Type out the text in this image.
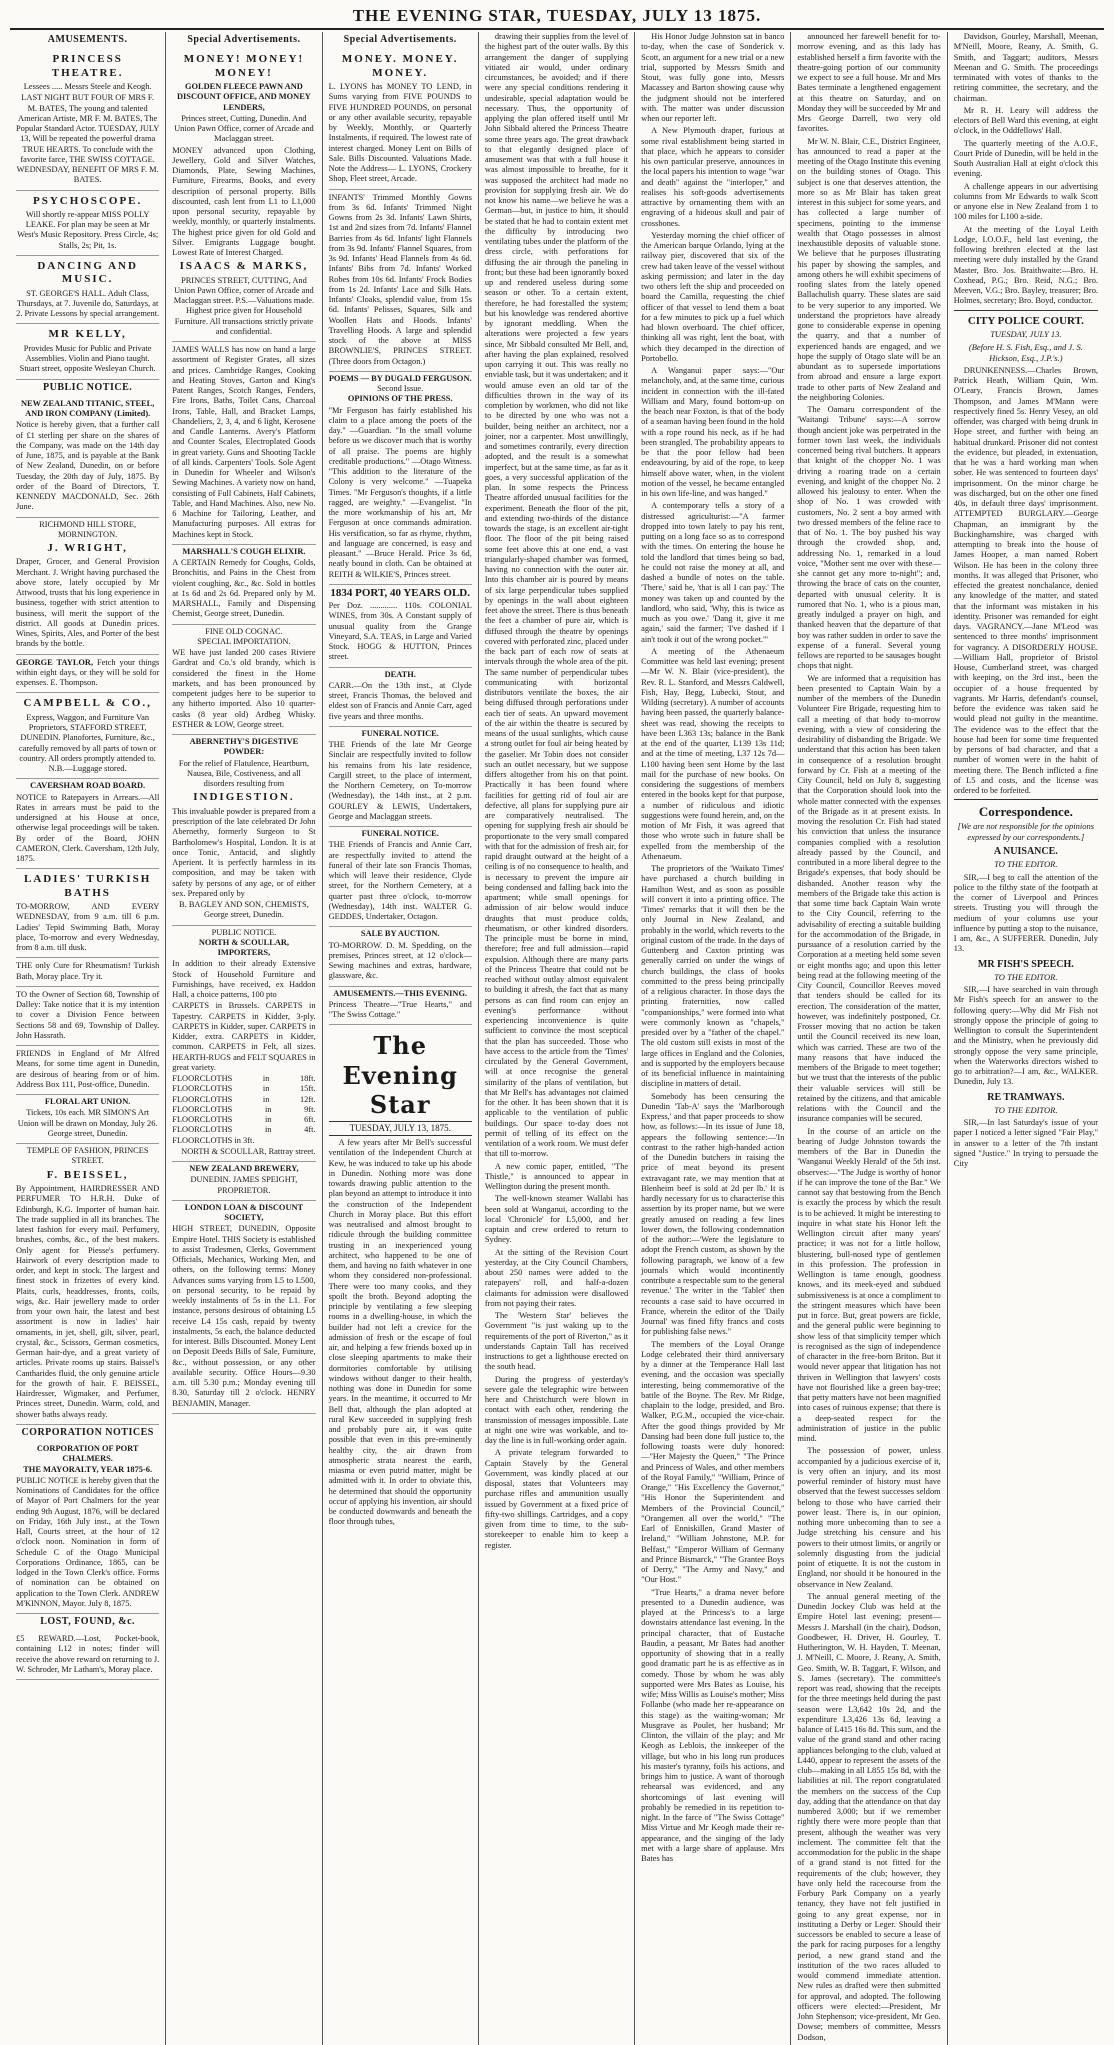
THE EVENING STAR, TUESDAY, JULY 13 1875.
AMUSEMENTS.
PRINCESS THEATRE.
Lessees ..... Messrs Steele and Keogh.

LAST NIGHT BUT FOUR OF MRS F. M. BATES, The young and talented American Artiste, MR F. M. BATES, The Popular Standard Actor. TUESDAY, JULY 13, Will be repeated the powerful drama TRUE HEARTS. To conclude with the favorite farce, THE SWISS COTTAGE. WEDNESDAY, BENEFIT OF MRS F. M. BATES.

PSYCHOSCOPE.

Will shortly re-appear MISS POLLY LEAKE. For plan may be seen at Mr West's Music Repository. Press Circle, 4s; Stalls, 2s; Pit, 1s.

DANCING AND MUSIC.

ST. GEORGE'S HALL. Adult Class, Thursdays, at 7. Juvenile do, Saturdays, at 2. Private Lessons by special arrangement.

MR KELLY,

Provides Music for Public and Private Assemblies. Violin and Piano taught. Stuart street, opposite Wesleyan Church.

PUBLIC NOTICE.
NEW ZEALAND TITANIC, STEEL, AND IRON COMPANY (Limited).

Notice is hereby given, that a further call of £1 sterling per share on the shares of the Company, was made on the 14th day of June, 1875, and is payable at the Bank of New Zealand, Dunedin, on or before Tuesday, the 20th day of July, 1875. By order of the Board of Directors, T. KENNEDY MACDONALD, Sec. 26th June.

RICHMOND HILL STORE, MORNINGTON.
J. WRIGHT,

Draper, Grocer, and General Provision Merchant. J. Wright having purchased the above store, lately occupied by Mr Attwood, trusts that his long experience in business, together with strict attention to business, will merit the support of the district. All goods at Dunedin prices. Wines, Spirits, Ales, and Porter of the best brands by the bottle.

GEORGE TAYLOR, Fetch your things within eight days, or they will be sold for expenses. E. Thompson.

CAMPBELL & CO.,

Express, Waggon, and Furniture Van Proprietors, STAFFORD STREET, DUNEDIN. Planofortes, Furniture, &c., carefully removed by all parts of town or country. All orders promptly attended to. N.B.—Luggage stored.

CAVERSHAM ROAD BOARD.

NOTICE to Ratepayers in Arrears.—All Rates in arrears must be paid to the undersigned at his House at once, otherwise legal proceedings will be taken. By order of the Board, JOHN CAMERON, Clerk. Caversham, 12th July, 1875.

LADIES' TURKISH BATHS

TO-MORROW, AND EVERY WEDNESDAY, from 9 a.m. till 6 p.m. Ladies' Tepid Swimming Bath, Moray place, To-morrow and every Wednesday, from 8 a.m. till dusk.

THE only Cure for Rheumatism! Turkish Bath, Moray place. Try it.

TO the Owner of Section 68, Township of Dalley: Take notice that it is my intention to cover a Division Fence between Sections 58 and 69, Township of Dalley. John Hassrath.

FRIENDS in England of Mr Alfred Means, for some time agent in Dunedin, are desirous of hearing from or of him. Address Box 111, Post-office, Dunedin.

FLORAL ART UNION.

Tickets, 10s each. MR SIMON'S Art Union will be drawn on Monday, July 26. George street, Dunedin.

TEMPLE OF FASHION, PRINCES STREET.
F. BEISSEL,

By Appointment, HAIRDRESSER AND PERFUMER TO H.R.H. Duke of Edinburgh, K.G. Importer of human hair. The trade supplied in all its branches. The latest fashion for every mail. Perfumery, brushes, combs, &c., of the best makers. Only agent for Piesse's perfumery. Hairwork of every description made to order, and kept in stock. The largest and finest stock in frizettes of every kind. Plaits, curls, headdresses, fronts, coils, wigs, &c. Hair jewellery made to order from your own hair, the latest and best assortment is now in ladies' hair ornaments, in jet, shell, gilt, silver, pearl, crystal, &c., Scissors, German cosmetics, German hair-dye, and a great variety of articles. Private rooms up stairs. Baissel's Cantharides fluid, the only genuine article for the growth of hair. F. BEISSEL, Hairdresser, Wigmaker, and Perfumer, Princes street, Dunedin. Warm, cold, and shower baths always ready.

CORPORATION NOTICES
CORPORATION OF PORT CHALMERS.
THE MAYORALTY, YEAR 1875-6.

PUBLIC NOTICE is hereby given that the Nominations of Candidates for the office of Mayor of Port Chalmers for the year ending 9th August, 1876, will be declared on Friday, 16th July inst., at the Town Hall, Courts street, at the hour of 12 o'clock noon. Nomination in form of Schedule C of the Otago Municipal Corporations Ordinance, 1865, can be lodged in the Town Clerk's office. Forms of nomination can be obtained on application to the Town Clerk. ANDREW M'KINNON, Mayor. July 8, 1875.

LOST, FOUND, &c.

£5 REWARD.—Lost, Pocket-book, containing L12 in notes; finder will receive the above reward on returning to J. W. Schroder, Mr Latham's, Moray place.

Special Advertisements.
MONEY! MONEY! MONEY!
GOLDEN FLEECE PAWN AND DISCOUNT OFFICE, AND MONEY LENDERS,

Princes street, Cutting, Dunedin. And Union Pawn Office, corner of Arcade and Maclaggan street.

MONEY advanced upon Clothing, Jewellery, Gold and Silver Watches, Diamonds, Plate, Sewing Machines, Furniture, Firearms, Books, and every description of personal property. Bills discounted, cash lent from L1 to L1,000 upon personal security, repayable by weekly, monthly, or quarterly instalments. The highest price given for old Gold and Silver. Emigrants Luggage bought. Lowest Rate of Interest Charged.

ISAACS & MARKS,

PRINCES STREET, CUTTING, And Union Pawn Office, corner of Arcade and Maclaggan street. P.S.—Valuations made. Highest price given for Household Furniture. All transactions strictly private and confidential.

JAMES WALLS has now on hand a large assortment of Register Grates, all sizes and prices. Cambridge Ranges, Cooking and Heating Stoves, Garton and King's Patent Ranges, Scotch Ranges, Fenders, Fire Irons, Baths, Toilet Cans, Charcoal Irons, Table, Hall, and Bracket Lamps, Chandeliers, 2, 3, 4, and 6 light, Kerosene and Candle Lanterns. Avery's Platform and Counter Scales, Electroplated Goods in great variety. Guns and Shooting Tackle of all kinds. Carpenters' Tools. Sole Agent in Dunedin for Wheeler and Wilson's Sewing Machines. A variety now on hand, consisting of Full Cabinets, Half Cabinets, Table, and Hand Machines. Also, new No. 6 Machine for Tailoring, Leather, and Manufacturing purposes. All extras for Machines kept in Stock.

MARSHALL'S COUGH ELIXIR.

A CERTAIN Remedy for Coughs, Colds, Bronchitis, and Pains in the Chest from violent coughing, &c., &c. Sold in bottles at 1s 6d and 2s 6d. Prepared only by M. MARSHALL, Family and Dispensing Chemist, George street, Dunedin.

FINE OLD COGNAC.
SPECIAL IMPORTATION.

WE have just landed 200 cases Riviere Gardrat and Co.'s old brandy, which is considered the finest in the Home markets, and has been pronounced by competent judges here to be superior to any hitherto imported. Also 10 quarter-casks (8 year old) Ardbeg Whisky. ESTHER & LOW, George street.

ABERNETHY'S DIGESTIVE POWDER:

For the relief of Flatulence, Heartburn, Nausea, Bile, Costiveness, and all disorders resulting from

INDIGESTION.

This invaluable powder is prepared from a prescription of the late celebrated Dr John Abernethy, formerly Surgeon to St Bartholomew's Hospital, London. It is at once Tonic, Antacid, and slightly Aperient. It is perfectly harmless in its composition, and may be taken with safety by persons of any age, or of either sex. Prepared only by

B. BAGLEY AND SON, CHEMISTS, George street, Dunedin.

PUBLIC NOTICE.
NORTH & SCOULLAR, IMPORTERS,

In addition to their already Extensive Stock of Household Furniture and Furnishings, have received, ex Haddon Hall, a choice patterns, 100 pto

CARPETS in Brussels. CARPETS in Tapestry. CARPETS in Kidder, 3-ply. CARPETS in Kidder, super. CARPETS in Kidder, extra. CARPETS in Kidder, common. CARPETS in Felt, all sizes. HEARTH-RUGS and FELT SQUARES in great variety.

FLOORCLOTHS in 18ft. FLOORCLOTHS in 15ft. FLOORCLOTHS in 12ft. FLOORCLOTHS in 9ft. FLOORCLOTHS in 6ft. FLOORCLOTHS in 4ft. FLOORCLOTHS in 3ft.

NORTH & SCOULLAR, Rattray street.

NEW ZEALAND BREWERY,

DUNEDIN. JAMES SPEIGHT, PROPRIETOR.

LONDON LOAN & DISCOUNT SOCIETY,

HIGH STREET, DUNEDIN, Opposite Empire Hotel. THIS Society is established to assist Tradesmen, Clerks, Government Officials, Mechanics, Working Men, and others, on the following terms: Money Advances sums varying from L5 to L500, on personal security, to be repaid by weekly instalments of 5s in the L1. For instance, persons desirous of obtaining L5 receive L4 15s cash, repaid by twenty instalments, 5s each, the balance deducted for interest. Bills Discounted. Money Lent on Deposit Deeds Bills of Sale, Furniture, &c., without possession, or any other available security. Office Hours—9.30 a.m. till 5.30 p.m.; Monday evening till 8.30, Saturday till 2 o'clock. HENRY BENJAMIN, Manager.

Special Advertisements.
MONEY. MONEY. MONEY.

L. LYONS has MONEY TO LEND, in Sums varying from FIVE POUNDS to FIVE HUNDRED POUNDS, on personal or any other available security, repayable by Weekly, Monthly, or Quarterly Instalments, if required. The lowest rate of interest charged. Money Lent on Bills of Sale. Bills Discounted. Valuations Made. Note the Address— L. LYONS, Crockery Shop, Fleet street, Arcade.

INFANTS' Trimmed Monthly Gowns from 3s 6d. Infants' Trimmed Night Gowns from 2s 3d. Infants' Lawn Shirts, 1st and 2nd sizes from 7d. Infants' Flannel Barries from 4s 6d. Infants' light Flannels from 3s 9d. Infants' Flannel Squares, from 3s 9d. Infants' Head Flannels from 4s 6d. Infants' Bibs from 7d. Infants' Worked Robes from 10s 6d. Infants' Frock Bodies from 1s 2d. Infants' Lace and Silk Hats. Infants' Cloaks, splendid value, from 15s 6d. Infants' Pelisses, Squares, Silk and Woollen Hats and Hoods. Infants' Travelling Hoods. A large and splendid stock of the above at MISS BROWNLIE'S, PRINCES STREET. (Three doors from Octagon.)

POEMS — BY DUGALD FERGUSON.
Second Issue.
OPINIONS OF THE PRESS.

"Mr Ferguson has fairly established his claim to a place among the poets of the day." —Guardian. "In the small volume before us we discover much that is worthy of all praise. The poems are highly creditable productions." —Otago Witness. "This addition to the literature of the Colony is very welcome." —Tuapeka Times. "Mr Ferguson's thoughts, if a little ragged, are weighty." —Evangelist. "In the more workmanship of his art, Mr Ferguson at once commands admiration. His versification, so far as rhyme, rhythm, and language are concerned, is easy and pleasant." —Bruce Herald. Price 3s 6d, neatly bound in cloth. Can be obtained at REITH & WILKIE'S, Princes street.

1834 PORT, 40 YEARS OLD.

Per Doz. ............. 110s. COLONIAL WINES, from 30s. A Constant supply of unusual quality from the Grange Vineyard, S.A. TEAS, in Large and Varied Stock. HOGG & HUTTON, Princes street.

DEATH.

CARR.—On the 13th inst., at Clyde street, Francis Thomas, the beloved and eldest son of Francis and Annie Carr, aged five years and three months.

FUNERAL NOTICE.

THE Friends of the late Mr George Sinclair are respectfully invited to follow his remains from his late residence, Cargill street, to the place of interment, the Northern Cemetery, on To-morrow (Wednesday), the 14th inst., at 2 p.m. GOURLEY & LEWIS, Undertakers, George and Maclaggan streets.

FUNERAL NOTICE.

THE Friends of Francis and Annie Carr, are respectfully invited to attend the funeral of their late son Francis Thomas, which will leave their residence, Clyde street, for the Northern Cemetery, at a quarter past three o'clock, to-morrow (Wednesday), 14th inst. WALTER G. GEDDES, Undertaker, Octagon.

SALE BY AUCTION.

TO-MORROW. D. M. Spedding, on the premises, Princes street, at 12 o'clock—Sewing machines and extras, hardware, glassware, &c.

AMUSEMENTS.—THIS EVENING.

Princess Theatre—"True Hearts," and "The Swiss Cottage."

The Evening Star
TUESDAY, JULY 13, 1875.

A few years after Mr Bell's successful ventilation of the Independent Church at Kew, he was induced to take up his abode in Dunedin. Nothing more was done towards drawing public attention to the plan beyond an attempt to introduce it into the construction of the Independent Church in Moray place. But this effort was neutralised and almost brought to ridicule through the building committee trusting in an inexperienced young architect, who happened to be one of them, and having no faith whatever in one whom they considered non-professional. There were too many cooks, and they spoilt the broth. Beyond adopting the principle by ventilating a few sleeping rooms in a dwelling-house, in which the builder had not left a crevice for the admission of fresh or the escape of foul air, and helping a few friends boxed up in close sleeping apartments to make their dormitories comfortable by utilising windows without danger to their health, nothing was done in Dunedin for some years. In the meantime, it occurred to Mr Bell that, although the plan adopted at rural Kew succeeded in supplying fresh and probably pure air, it was quite possible that even in this pre-eminently healthy city, the air drawn from atmospheric strata nearest the earth, miasma or even putrid matter, might be admitted with it. In order to obviate this, he determined that should the opportunity occur of applying his invention, air should be conducted downwards and beneath the floor through tubes,

drawing their supplies from the level of the highest part of the outer walls. By this arrangement the danger of supplying vitiated air would, under ordinary circumstances, be avoided; and if there were any special conditions rendering it undesirable, special adaptation would be necessary. Thus, the opportunity of applying the plan offered itself until Mr John Sibbald altered the Princess Theatre some three years ago. The great drawback to that elegantly designed place of amusement was that with a full house it was almost impossible to breathe, for it was supposed the architect had made no provision for supplying fresh air. We do not know his name—we believe he was a German—but, in justice to him, it should be stated that he had to contain extent met the difficulty by introducing two ventilating tubes under the platform of the dress circle, with perforations for diffusing the air through the paneling in front; but these had been ignorantly boxed up and rendered useless during some season or other. To a certain extent, therefore, he had forestalled the system; but his knowledge was rendered abortive by ignorant meddling. When the alterations were projected a few years since, Mr Sibbald consulted Mr Bell, and, after having the plan explained, resolved upon carrying it out. This was really no enviable task, but it was undertaken; and it would amuse even an old tar of the difficulties thrown in the way of its completion by workmen, who did not like to be directed by one who was not a builder, being neither an architect, nor a joiner, nor a carpenter. Most unwillingly, and sometimes contrarily, every direction adopted, and the result is a somewhat imperfect, but at the same time, as far as it goes, a very successful application of the plan. In some respects the Princess Theatre afforded unusual facilities for the experiment. Beneath the floor of the pit, and extending two-thirds of the distance towards the stage, is an excellent air-tight floor. The floor of the pit being raised some feet above this at one end, a vast triangularly-shaped chamber was formed, having no connection with the outer air. Into this chamber air is poured by means of six large perpendicular tubes supplied by openings in the wall about eighteen feet above the street. There is thus beneath the feet a chamber of pure air, which is diffused through the theatre by openings covered with perforated zinc, placed under the back part of each row of seats at intervals through the whole area of the pit. The same number of perpendicular tubes communicating with horizontal distributors ventilate the boxes, the air being diffused through perforations under each tier of seats. An upward movement of the air within the theatre is secured by means of the usual sunlights, which cause a strong outlet for foul air being heated by the gaselier. Mr Tobin does not consider such an outlet necessary, but we suppose differs altogether from his on that point. Practically it has been found where facilities for getting rid of foul air are defective, all plans for supplying pure air are comparatively neutralised. The opening for supplying fresh air should be proportionate to the very small compared with that for the admission of fresh air, for rapid draught outward at the height of a ceiling is of no consequence to health, and is necessary to prevent the impure air being condensed and falling back into the apartment; while small openings for admission of air below would induce draughts that must produce colds, rheumatism, or other kindred disorders. The principle must be borne in mind, therefore; free and full admission—rapid expulsion. Although there are many parts of the Princess Theatre that could not be reached without outlay almost equivalent to building it afresh, the fact that as many persons as can find room can enjoy an evening's performance without experiencing inconvenience is quite sufficient to convince the most sceptical that the plan has succeeded. Those who have access to the article from the 'Times' circulated by the General Government, will at once recognise the general similarity of the plans of ventilation, but that Mr Bell's has advantages not claimed for the other. It has been shown that it is applicable to the ventilation of public buildings. Our space to-day does not permit of telling of its effect on the ventilation of a work room. We must defer that till to-morrow.

A new comic paper, entitled, "The Thistle," is announced to appear in Wellington during the present month.

The well-known steamer Wallabi has been sold at Wanganui, according to the local 'Chronicle' for L5,000, and her captain and crew ordered to return to Sydney.

At the sitting of the Revision Court yesterday, at the City Council Chambers, about 250 names were added to the ratepayers' roll, and half-a-dozen claimants for admission were disallowed from not paying their rates.

The 'Western Star' believes the Government "is just waking up to the requirements of the port of Riverton," as it understands Captain Tall has received instructions to get a lighthouse erected on the south head.

During the progress of yesterday's severe gale the telegraphic wire between here and Christchurch were blown in contact with each other, rendering the transmission of messages impossible. Late at night one wire was workable, and to-day the line is in full-working order again.

A private telegram forwarded to Captain Stavely by the General Government, was kindly placed at our disposal, states that Volunteers may purchase rifles and ammunition usually issued by Government at a fixed price of fifty-two shillings. Cartridges, and a copy given from time to time, to the sub-storekeeper to enable him to keep a register.

His Honor Judge Johnston sat in banco to-day, when the case of Sonderick v. Scott, an argument for a new trial or a new trial, supported by Messrs Smith and Stout, was fully gone into, Messrs Macassey and Barton showing cause why the judgment should not be interfered with. The matter was under discussion when our reporter left.

A New Plymouth draper, furious at some rival establishment being started in that place, which he appears to consider his own particular preserve, announces in the local papers his intention to wage "war and death" against the "interloper," and realises his soft-goods advertisements attractive by ornamenting them with an engraving of a hideous skull and pair of crossbones.

Yesterday morning the chief officer of the American barque Orlando, lying at the railway pier, discovered that six of the crew had taken leave of the vessel without asking permission; and later in the day two others left the ship and proceeded on board the Camilla, requesting the chief officer of that vessel to lend them a boat for a few minutes to pick up a fuel which had blown overboard. The chief officer, thinking all was right, lent the boat, with which they decamped in the direction of Portobello.

A Wanganui paper says:—"Our melancholy, and, at the same time, curious incident in connection with the ill-fated William and Mary, found bottom-up on the beach near Foxton, is that of the body of a seaman having been found in the hold with a rope round his neck, as if he had been strangled. The probability appears to be that the poor fellow had been endeavouring, by aid of the rope, to keep himself above water, when, in the violent motion of the vessel, he became entangled in his own life-line, and was hanged."

A contemporary tells a story of a distressed agriculturist:—"A farmer dropped into town lately to pay his rent, putting on a long face so as to correspond with the times. On entering the house he told the landlord that times being so bad, he could not raise the money at all, and dashed a bundle of notes on the table. 'There,' said he, 'that is all I can pay.' The money was taken up and counted by the landlord, who said, 'Why, this is twice as much as you owe.' 'Dang it, give it me again,' said the farmer; 'I've dashed if I ain't took it out of the wrong pocket.'"

A meeting of the Athenaeum Committee was held last evening; present—Mr W. N. Blair (vice-president), the Rev. R. L. Stanford, and Messrs Caldwell, Fish, Hay, Begg, Lubecki, Stout, and Wilding (secretary). A number of accounts having been passed, the quarterly balance-sheet was read, showing the receipts to have been L363 13s; balance in the Bank at the end of the quarter, L139 13s 11d; and at the time of meeting, L37 12s 7d—L100 having been sent Home by the last mail for the purchase of new books. On considering the suggestions of members entered in the books kept for that purpose, a number of ridiculous and idiotic suggestions were found herein, and, on the motion of Mr Fish, it was agreed that those who wrote such in future shall be expelled from the membership of the Athenaeum.

The proprietors of the 'Waikato Times' have purchased a church building in Hamilton West, and as soon as possible will convert it into a printing office. The 'Times' remarks that it will then be the only Journal in New Zealand, and probably in the world, which reverts to the original custom of the trade. In the days of Guttenberg and Caxton printing was generally carried on under the wings of church buildings, the class of books committed to the press being principally of a religious character. In those days the printing fraternities, now called "companionships," were formed into what were commonly known as "chapels," presided over by a "father of the chapel." The old custom still exists in most of the large offices in England and the Colonies, and is supported by the employers because of its beneficial influence in maintaining discipline in matters of detail.

Somebody has been censuring the Dunedin 'Tab-A' says the 'Marlborough Express,' and that paper proceeds to show how, as follows:—In its issue of June 18, appears the following sentence:—'In contrast to the rather high-handed action of the Dunedin butchers in raising the price of meat beyond its present extravagant rate, we may mention that at Blenheim beef is sold at 2d per lb.' It is hardly necessary for us to characterise this assertion by its proper name, but we were greatly amused on reading a few lines lower down, the following condemnation of the author:—'Were the legislature to adopt the French custom, as shown by the following paragraph, we know of a few journals which would incontinently contribute a respectable sum to the general revenue.' The writer in the 'Tablet' then recounts a case said to have occurred in France, wherein the editor of the 'Daily Journal' was fined fifty francs and costs for publishing false news."

The members of the Loyal Orange Lodge celebrated their third anniversary by a dinner at the Temperance Hall last evening, and the occasion was specially interesting, being commemorative of the battle of the Boyne. The Rev. Mr Ridge, chaplain to the lodge, presided, and Bro. Walker, P.G.M., occupied the vice-chair. After the good things provided by Mr Dansing had been done full justice to, the following toasts were duly honored:—"Her Majesty the Queen," "The Prince and Princess of Wales, and other members of the Royal Family," "William, Prince of Orange," "His Excellency the Governor," "His Honor the Superintendent and Members of the Provincial Council," "Orangemen all over the world," "The Earl of Enniskillen, Grand Master of Ireland," "William Johnstone, M.P. for Belfast," "Emperor William of Germany and Prince Bismarck," "The Grantee Boys of Derry," "The Army and Navy," and "Our Host."

"True Hearts," a drama never before presented to a Dunedin audience, was played at the Princess's to a large downstairs attendance last evening. In the principal character, that of Eustache Baudin, a peasant, Mr Bates had another opportunity of showing that in a really good dramatic part he is as effective as in comedy. Those by whom he was ably supported were Mrs Bates as Louise, his wife; Miss Willis as Louise's mother; Miss Follanbe (who made her re-appearance on this stage) as the waiting-woman; Mr Musgrave as Poulet, her husband; Mr Clinton, the villain of the play; and Mr Keogh as Leblois, the innkeeper of the village, but who in his long run produces his master's tyranny, foils his actions, and brings him to justice. A want of thorough rehearsal was evidenced, and any shortcomings of last evening will probably be remedied in its repetition to-night. In the farce of "The Swiss Cottage" Miss Virtue and Mr Keogh made their re-appearance, and the singing of the lady met with a large share of applause. Mrs Bates has

announced her farewell benefit for to-morrow evening, and as this lady has established herself a firm favorite with the theatre-going portion of our community we expect to see a full house. Mr and Mrs Bates terminate a lengthened engagement at this theatre on Saturday, and on Monday they will be succeeded by Mr and Mrs George Darrell, two very old favorites.

Mr W. N. Blair, C.E., District Engineer, has announced to read a paper at the meeting of the Otago Institute this evening on the building stones of Otago. This subject is one that deserves attention, the more so as Mr Blair has taken great interest in this subject for some years, and has collected a large number of specimens, pointing to the immense wealth that Otago possesses in almost inexhaustible deposits of valuable stone. We believe that he purposes illustrating his paper by showing the samples, and among others he will exhibit specimens of roofing slates from the lately opened Ballachulish quarry. These slates are said to be very superior to any imported. We understand the proprietors have already gone to considerable expense in opening the quarry, and that a number of experienced hands are engaged, and we hope the supply of Otago slate will be an abundant as to supersede importations from abroad and ensure a large export trade to other parts of New Zealand and the neighboring Colonies.

The Oamaru correspondent of the 'Waitangi Tribune' says:—A sorrow though ancient joke was perpetrated in the former town last week, the individuals concerned being rival butchers. It appears that knight of the chopper No. 1 was driving a roaring trade on a certain evening, and knight of the chopper No. 2 allowed his jealousy to enter. When the shop of No. 1 was crowded with customers, No. 2 sent a boy armed with two dressed members of the feline race to that of No. 1. The boy pushed his way through the crowded shop, and, addressing No. 1, remarked in a loud voice, "Mother sent me over with these—she cannot get any more to-night"; and, throwing the brace of cats on the counter, departed with unusual celerity. It is rumored that No. 1, who is a pious man, greatly indulged a prayer on high, and thanked heaven that the departure of that boy was rather sudden in order to save the expense of a funeral. Several young fellows are reported to be sausages bought chops that night.

We are informed that a requisition has been presented to Captain Wain by a number of the members of the Dunedin Volunteer Fire Brigade, requesting him to call a meeting of that body to-morrow evening, with a view of considering the desirability of disbanding the Brigade. We understand that this action has been taken in consequence of a resolution brought forward by Cr. Fish at a meeting of the City Council, held on July 8, suggesting that the Corporation should look into the whole matter connected with the expenses of the Brigade as it at present exists. In moving the resolution Cr. Fish had stated his conviction that unless the insurance companies complied with a resolution already passed by the Council, and contributed in a more liberal degree to the Brigade's expenses, that body should be disbanded. Another reason why the members of the Brigade take this action is that some time back Captain Wain wrote to the City Council, referring to the advisability of erecting a suitable building for the accommodation of the Brigade, in pursuance of a resolution carried by the Corporation at a meeting held some seven or eight months ago; and upon this letter being read at the following meeting of the City Council, Councillor Reeves moved that tenders should be called for its erection. The consideration of the matter, however, was indefinitely postponed, Cr. Frosser moving that no action be taken until the Council received its new loan, which was carried. These are two of the many reasons that have induced the members of the Brigade to meet together; but we trust that the interests of the public their valuable services will still be retained by the citizens, and that amicable relations with the Council and the insurance companies will be secured.

In the course of an article on the bearing of Judge Johnston towards the members of the Bar in Dunedin the 'Wanganui Weekly Herald' of the 5th inst. observes:—"The Judge is worthy of honor if he can improve the tone of the Bar." We cannot say that bestowing from the Bench is exactly the process by which the result is to be achieved. It might be interesting to inquire in what state his Honor left the Wellington circuit after many years' practice; it was not for a little hollow, blustering, bull-nosed type of gentlemen in this profession. The profession in Wellington is tame enough, goodness knows, and its meek-eyed and subdued submissiveness is at once a compliment to the stringent measures which have been put in force. But, great powers are fickle, and the general public were beginning to show less of that simplicity temper which is recognised as the sign of independence of character in the free-born Briton. But it would never appear that litigation has not thriven in Wellington that lawyers' costs have not flourished like a green bay-tree; that petty matters have not been magnified into cases of ruinous expense; that there is a deep-seated respect for the administration of justice in the public mind.

The possession of power, unless accompanied by a judicious exercise of it, is very often an injury, and its most powerful reminder of history must have observed that the fewest successes seldom belong to those who have carried their power least. There is, in our opinion, nothing more unbecoming than to see a Judge stretching his censure and his powers to their utmost limits, or angrily or solemnly disgusting from the judicial point of etiquette. It is not the custom in England, nor should it be honoured in the observance in New Zealand.

The annual general meeting of the Dunedin Jockey Club was held at the Empire Hotel last evening; present—Messrs J. Marshall (in the chair), Dodson, Goodbewer, H. Driver, H. Gourley, T. Hutherington, W. H. Hayden, T. Meenan, J. M'Neill, C. Moore, J. Reany, A. Smith, Geo. Smith, W. B. Taggart, F. Wilson, and S. James (secretary). The committee's report was read, showing that the receipts for the three meetings held during the past season were L3,642 10s 2d, and the expenditure L3,426 13s 6d, leaving a balance of L415 16s 8d. This sum, and the value of the grand stand and other racing appliances belonging to the club, valued at L440, appear to represent the assets of the club—making in all L855 15s 8d, with the liabilities at nil. The report congratulated the members on the success of the Cup day, adding that the attendance on that day numbered 3,000; but if we remember rightly there were more people than that present, although the weather was very inclement. The committee felt that the accommodation for the public in the shape of a grand stand is not fitted for the requirements of the club; however, they have only held the racecourse from the Forbury Park Company on a yearly tenancy, they have not felt justified in going to any great expense, nor in instituting a Derby or Leger. Should their successors be enabled to secure a lease of the park for racing purposes for a lengthy period, a new grand stand and the institution of the two races alluded to would commend immediate attention. New rules as drafted were then submitted for approval, and adopted. The following officers were elected:—President, Mr John Stephenson; vice-president, Mr Geo. Dowse; members of committee, Messrs Dodson,

Davidson, Gourley, Marshall, Meenan, M'Neill, Moore, Reany, A. Smith, G. Smith, and Taggart; auditors, Messrs Meenan and G. Smith. The proceedings terminated with votes of thanks to the retiring committee, the secretary, and the chairman.

Mr R. H. Leary will address the electors of Bell Ward this evening, at eight o'clock, in the Oddfellows' Hall.

The quarterly meeting of the A.O.F., Court Pride of Dunedin, will be held in the South Australian Hall at eight o'clock this evening.

A challenge appears in our advertising columns from Mr Edwards to walk Scott or anyone else in New Zealand from 1 to 100 miles for L100 a-side.

At the meeting of the Loyal Leith Lodge, I.O.O.F., held last evening, the following brethren elected at the last meeting were duly installed by the Grand Master, Bro. Jos. Braithwaite:—Bro. H. Coxhead, P.G.; Bro. Reid, N.G.; Bro. Meeven, V.G.; Bro. Bayley, treasurer; Bro. Holmes, secretary; Bro. Boyd, conductor.

CITY POLICE COURT.
TUESDAY, JULY 13.
(Before H. S. Fish, Esq., and J. S. Hickson, Esq., J.P.'s.)

DRUNKENNESS.—Charles Brown, Patrick Heath, William Quin, Wm. O'Leary, Francis Brown, James Thompson, and James M'Mann were respectively fined 5s. Henry Vesey, an old offender, was charged with being drunk in Hope street, and further with being an habitual drunkard. Prisoner did not contest the evidence, but pleaded, in extenuation, that he was a hard working man when sober. He was sentenced to fourteen days' imprisonment. On the minor charge he was discharged, but on the other one fined 40s, in default three days' imprisonment. ATTEMPTED BURGLARY.—George Chapman, an immigrant by the Buckinghamshire, was charged with attempting to break into the house of James Hooper, a man named Robert Wilson. He has been in the colony three months. It was alleged that Prisoner, who effected the greatest nonchalance, denied any knowledge of the matter, and stated that the informant was mistaken in his identity. Prisoner was remanded for eight days. VAGRANCY.—Jane M'Leod was sentenced to three months' imprisonment for vagrancy. A DISORDERLY HOUSE.—William Hall, proprietor of Bristol House, Cumberland street, was charged with keeping, on the 3rd inst., been the occupier of a house frequented by vagrants. Mr Harris, defendant's counsel, before the evidence was taken said he would plead not guilty in the meantime. The evidence was to the effect that the house had been for some time frequented by persons of bad character, and that a number of women were in the habit of meeting there. The Bench inflicted a fine of L5 and costs, and the license was ordered to be forfeited.

Correspondence.
[We are not responsible for the opinions expressed by our correspondents.]
A NUISANCE.
TO THE EDITOR.

SIR,—I beg to call the attention of the police to the filthy state of the footpath at the corner of Liverpool and Princes streets. Trusting you will through the medium of your columns use your influence by putting a stop to the nuisance, I am, &c., A SUFFERER. Dunedin, July 13.

MR FISH'S SPEECH.
TO THE EDITOR.

SIR,—I have searched in vain through Mr Fish's speech for an answer to the following query:—Why did Mr Fish not strongly oppose the principle of going to Wellington to consult the Superintendent and the Ministry, when he previously did strongly oppose the very same principle, when the Waterworks directors wished to go to arbitration?—I am, &c., WALKER. Dunedin, July 13.

RE TRAMWAYS.
TO THE EDITOR.

SIR,—In last Saturday's issue of your paper I noticed a letter signed "Fair Play," in answer to a letter of the 7th instant signed "Justice." In trying to persuade the City
